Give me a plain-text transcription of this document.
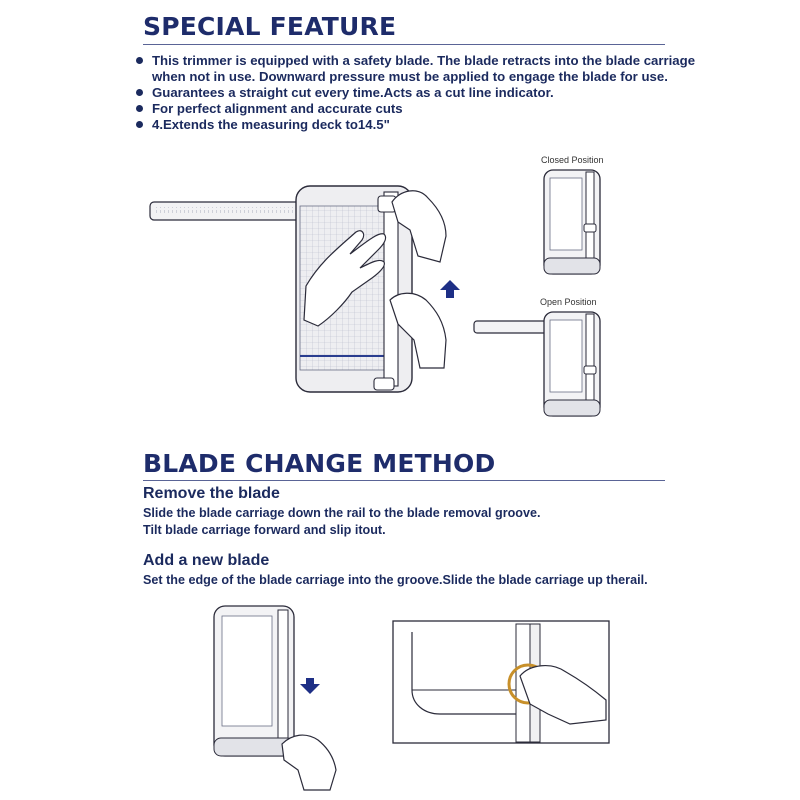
SPECIAL FEATURE
This trimmer is equipped with a safety blade. The blade retracts into the blade carriage when not in use. Downward pressure must be applied to engage the blade for use.
Guarantees a straight cut every time.Acts as a cut line indicator.
For perfect alignment and accurate cuts
4.Extends the measuring deck to14.5"
Closed Position
Open Position
BLADE CHANGE METHOD
Remove the blade
Slide the blade carriage down the rail to the blade removal groove.
Tilt blade carriage forward and slip itout.
Add a new blade
Set the edge of the blade carriage into the groove.Slide the blade carriage up therail.
